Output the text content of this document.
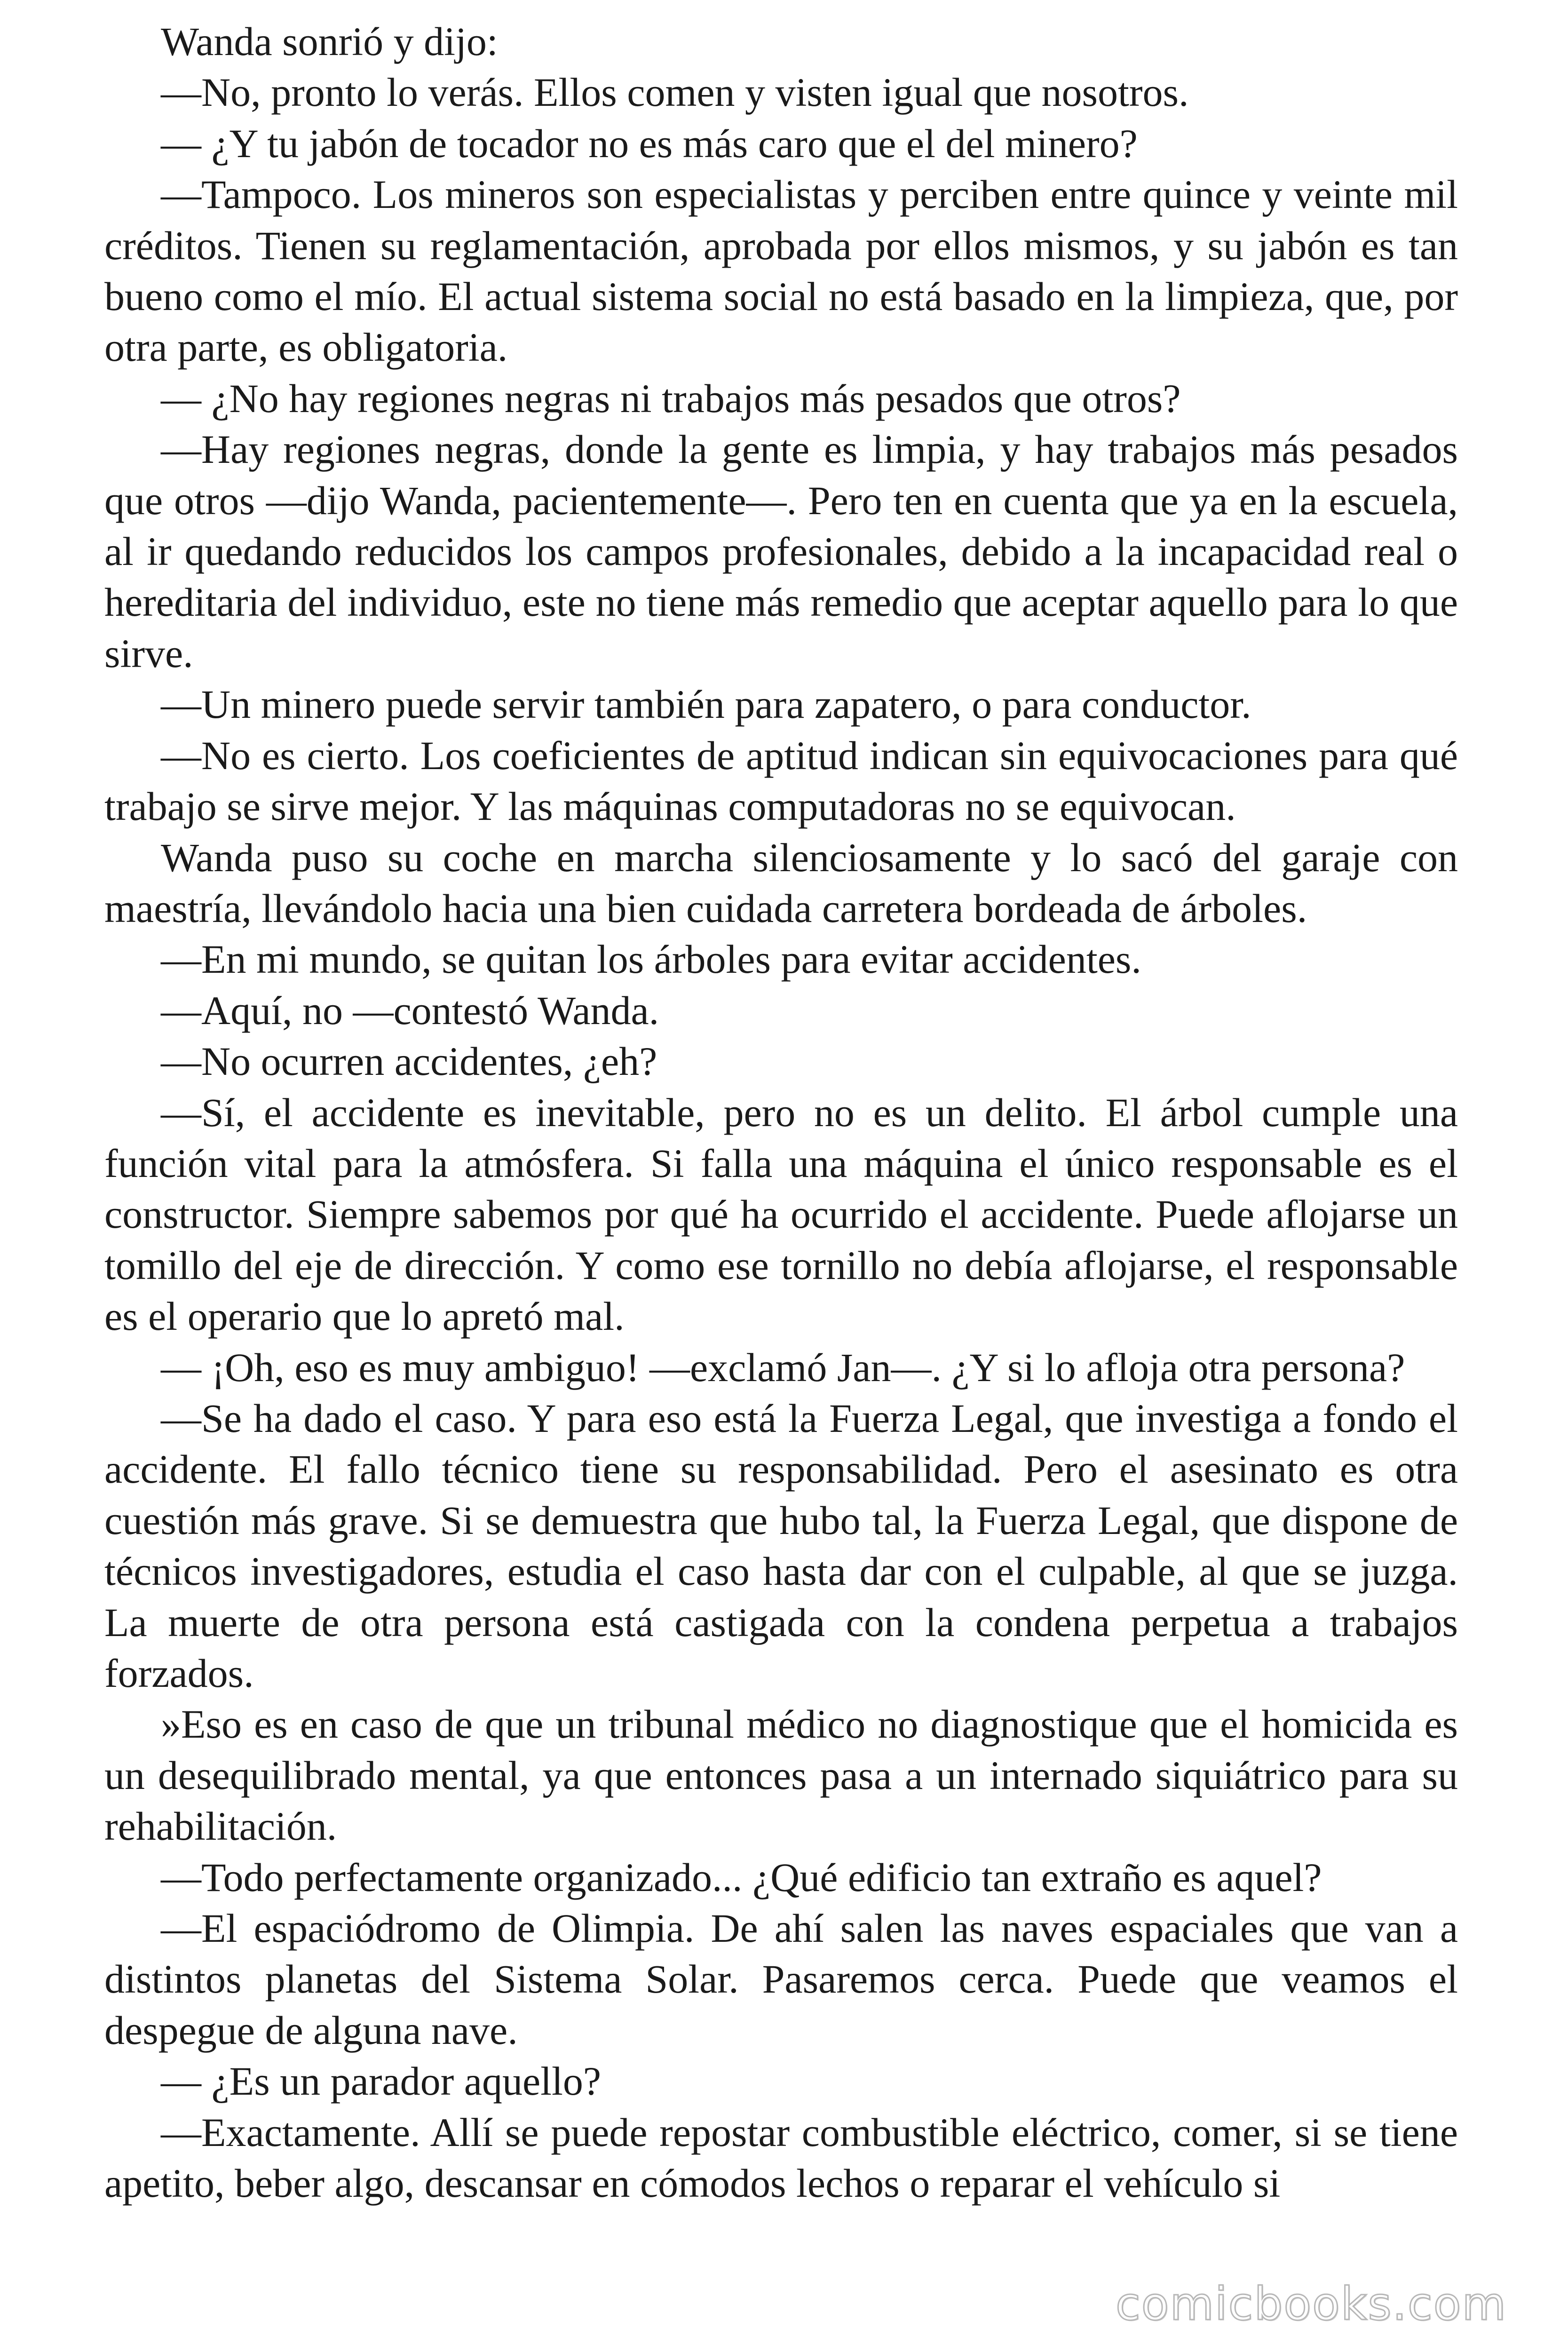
Wanda sonrió y dijo:

—No, pronto lo verás. Ellos comen y visten igual que nosotros.

— ¿Y tu jabón de tocador no es más caro que el del minero?

—Tampoco. Los mineros son especialistas y perciben entre quince y veinte mil créditos. Tienen su reglamentación, aprobada por ellos mismos, y su jabón es tan bueno como el mío. El actual sistema social no está basado en la limpieza, que, por otra parte, es obligatoria.

— ¿No hay regiones negras ni trabajos más pesados que otros?

—Hay regiones negras, donde la gente es limpia, y hay trabajos más pesados que otros —dijo Wanda, pacientemente—. Pero ten en cuenta que ya en la escuela, al ir quedando reducidos los campos profesionales, debido a la incapacidad real o hereditaria del individuo, este no tiene más remedio que aceptar aquello para lo que sirve.

—Un minero puede servir también para zapatero, o para conductor.

—No es cierto. Los coeficientes de aptitud indican sin equivocaciones para qué trabajo se sirve mejor. Y las máquinas computadoras no se equivocan.

Wanda puso su coche en marcha silenciosamente y lo sacó del garaje con maestría, llevándolo hacia una bien cuidada carretera bordeada de árboles.

—En mi mundo, se quitan los árboles para evitar accidentes.

—Aquí, no —contestó Wanda.

—No ocurren accidentes, ¿eh?

—Sí, el accidente es inevitable, pero no es un delito. El árbol cumple una función vital para la atmósfera. Si falla una máquina el único responsable es el constructor. Siempre sabemos por qué ha ocurrido el accidente. Puede aflojarse un tomillo del eje de dirección. Y como ese tornillo no debía aflojarse, el responsable es el operario que lo apretó mal.

— ¡Oh, eso es muy ambiguo! —exclamó Jan—. ¿Y si lo afloja otra persona?

—Se ha dado el caso. Y para eso está la Fuerza Legal, que investiga a fondo el accidente. El fallo técnico tiene su responsabilidad. Pero el asesinato es otra cuestión más grave. Si se demuestra que hubo tal, la Fuerza Legal, que dispone de técnicos investigadores, estudia el caso hasta dar con el culpable, al que se juzga. La muerte de otra persona está castigada con la condena perpetua a trabajos forzados.

»Eso es en caso de que un tribunal médico no diagnostique que el homicida es un desequilibrado mental, ya que entonces pasa a un internado siquiátrico para su rehabilitación.

—Todo perfectamente organizado... ¿Qué edificio tan extraño es aquel?

—El espaciódromo de Olimpia. De ahí salen las naves espaciales que van a distintos planetas del Sistema Solar. Pasaremos cerca. Puede que veamos el despegue de alguna nave.

— ¿Es un parador aquello?

—Exactamente. Allí se puede repostar combustible eléctrico, comer, si se tiene apetito, beber algo, descansar en cómodos lechos o reparar el vehículo si

comicbooks.com
